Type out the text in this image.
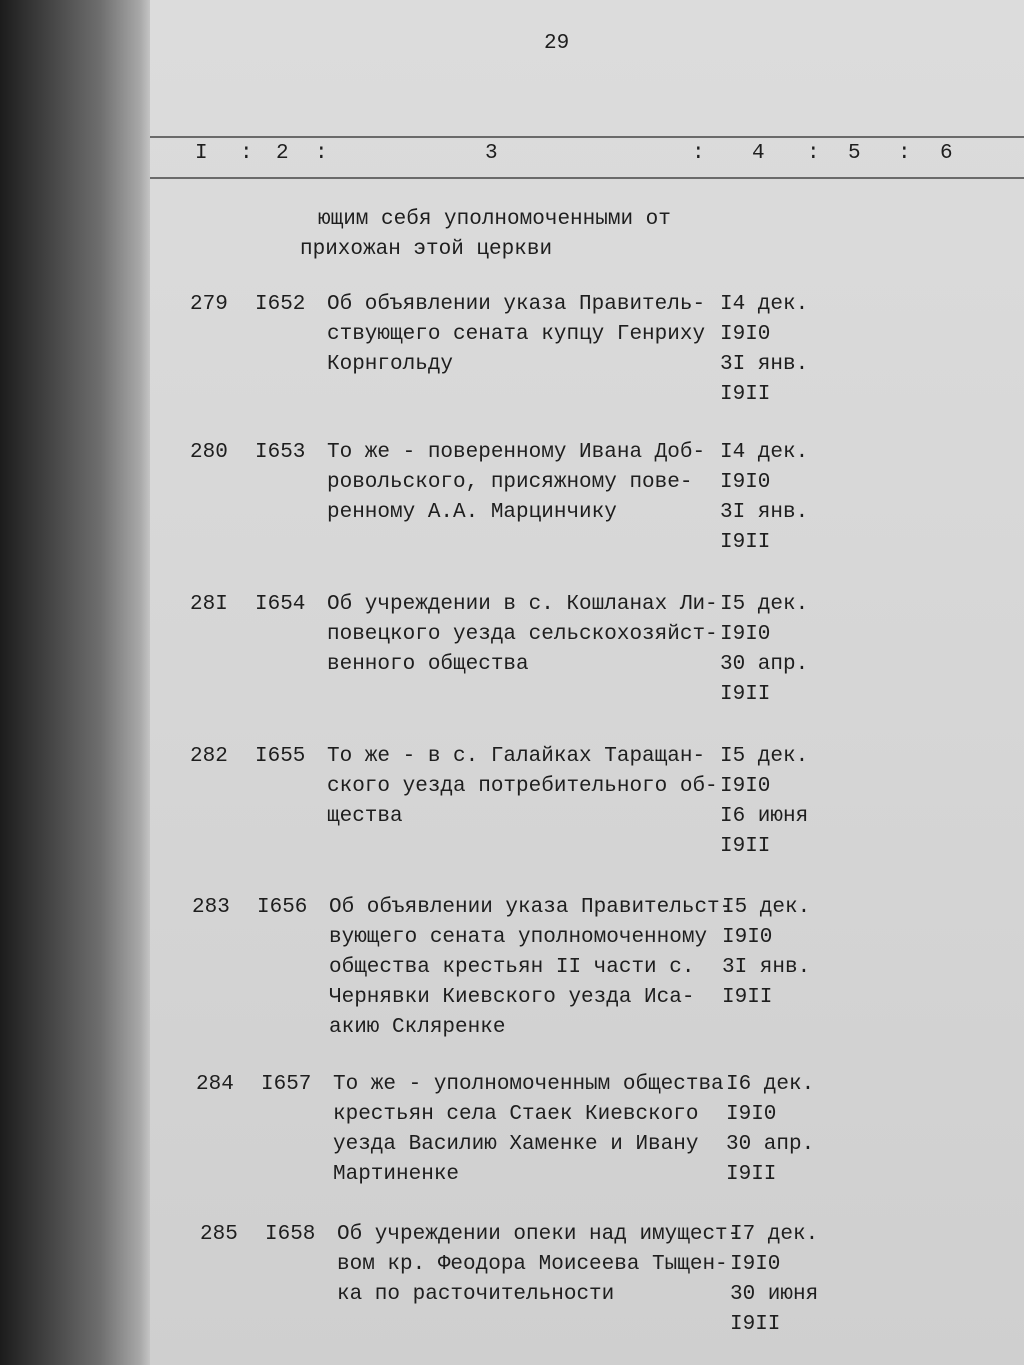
29
I : 2 :	3	: 4 : 5 : 6
ющим себя уполномоченными от
прихожан этой церкви
279 I652 Об объявлении указа Правитель-
ствующего сената купцу Генриху
Корнгольду
I4 дек.
I9I0
3I янв.
I9II
280 I653 То же - поверенному Ивана Доб-
ровольского, присяжному пове-
ренному А.А. Марцинчику
I4 дек.
I9I0
3I янв.
I9II
28I I654 Об учреждении в с. Кошланах Ли-
повецкого уезда сельскохозяйст-
венного общества
I5 дек.
I9I0
30 апр.
I9II
282 I655 То же - в с. Галайках Таращан-
ского уезда потребительного об-
щества
I5 дек.
I9I0
I6 июня
I9II
283 I656 Об объявлении указа Правительст-
вующего сената уполномоченному
общества крестьян II части с.
Чернявки Киевского уезда Иса-
акию Скляренке
I5 дек.
I9I0
3I янв.
I9II
284 I657 То же - уполномоченным общества
крестьян села Стаек Киевского
уезда Василию Хаменке и Ивану
Мартиненке
I6 дек.
I9I0
30 апр.
I9II
285 I658 Об учреждении опеки над имущест-
вом кр. Феодора Моисеева Тыщен-
ка по расточительности
I7 дек.
I9I0
30 июня
I9II
